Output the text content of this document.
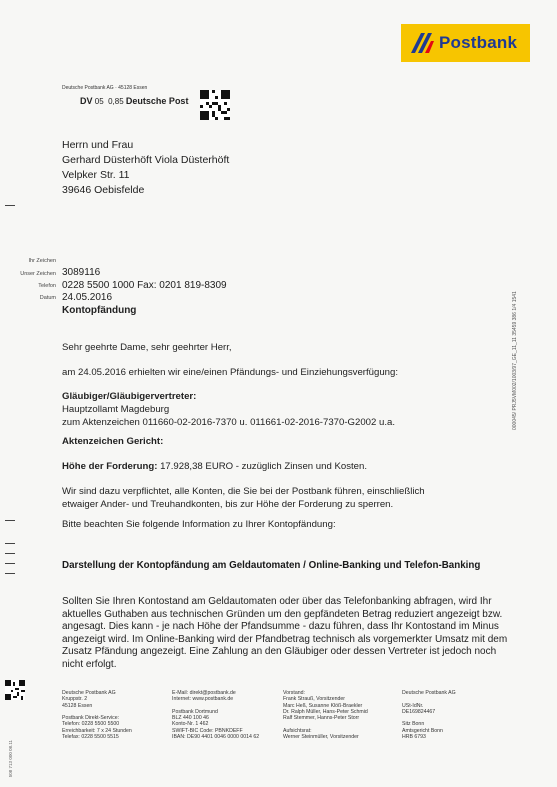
Postbank
Deutsche Postbank AG · 45128 Essen
DV 05 0,85 Deutsche Post
Herrn und Frau
Gerhard Düsterhöft Viola Düsterhöft
Velpker Str. 11
39646 Oebisfelde
Ihr Zeichen
Unser Zeichen 3089116
Telefon 0228 5500 1000 Fax: 0201 819-8309
Datum 24.05.2016
Kontopfändung
Sehr geehrte Dame, sehr geehrter Herr,
am 24.05.2016 erhielten wir eine/einen Pfändungs- und Einziehungsverfügung:
Gläubiger/Gläubigervertreter:
Hauptzollamt Magdeburg
zum Aktenzeichen 011660-02-2016-7370 u. 011661-02-2016-7370-G2002 u.a.
Aktenzeichen Gericht:
Höhe der Forderung: 17.928,38 EURO - zuzüglich Zinsen und Kosten.
Wir sind dazu verpflichtet, alle Konten, die Sie bei der Postbank führen, einschließlich
etwaiger Ander- und Treuhandkonten, bis zur Höhe der Forderung zu sperren.
Bitte beachten Sie folgende Information zu Ihrer Kontopfändung:
Darstellung der Kontopfändung am Geldautomaten / Online-Banking und Telefon-Banking
Sollten Sie Ihren Kontostand am Geldautomaten oder über das Telefonbanking abfragen, wird Ihr aktuelles Guthaben aus technischen Gründen um den gepfändeten Betrag reduziert angezeigt bzw. angesagt. Dies kann - je nach Höhe der Pfandsumme - dazu führen, dass Ihr Kontostand im Minus angezeigt wird. Im Online-Banking wird der Pfandbetrag technisch als vorgemerkter Umsatz mit dem Zusatz Pfändung angezeigt. Eine Zahlung an den Gläubiger oder dessen Vertreter ist jedoch noch nicht erfolgt.
000045/ PRJ5VM002/1003/97_GE_11_11 35459 386 1/4 1541
508 713 000 08.11
Deutsche Postbank AG
Kruppstr. 2
45128 Essen

Postbank Direkt-Service:
Telefon: 0228 5500 5500
Erreichbarkeit: 7 x 24 Stunden
Telefax: 0228 5500 5515
E-Mail: direkt@postbank.de
Internet: www.postbank.de

Postbank Dortmund
BLZ 440 100 46
Konto-Nr. 1 462
SWIFT-BIC Code: PBNKDEFF
IBAN: DE90 4401 0046 0000 0014 62
Vorstand:
Frank Strauß, Vorsitzender
Marc Heß, Susanne Klöß-Braekler
Dr. Ralph Müller, Hans-Peter Schmid
Ralf Stemmer, Hanns-Peter Storr

Aufsichtsrat:
Werner Steinmüller, Vorsitzender
Deutsche Postbank AG

USt-IdNr.
DE169824467

Sitz Bonn
Amtsgericht Bonn
HRB 6793
